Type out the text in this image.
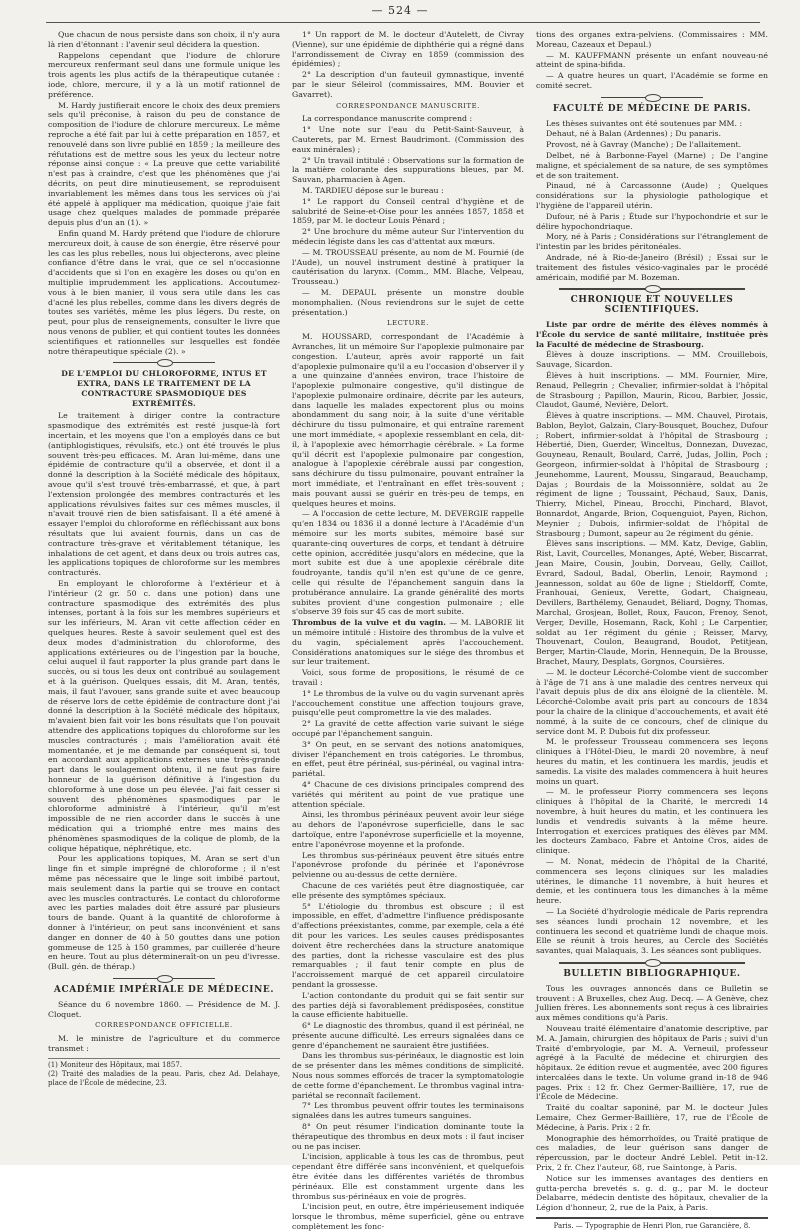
— 524 —

Que chacun de nous persiste dans son choix, il n'y aura là rien d'étonnant : l'avenir seul décidera la question.

Rappelons cependant que l'iodure de chlorure mercureux renfermant seul dans une formule unique les trois agents les plus actifs de la thérapeutique cutanée : iode, chlore, mercure, il y a là un motif rationnel de préférence.

M. Hardy justifierait encore le choix des deux premiers sels qu'il préconise, à raison du peu de constance de composition de l'iodure de chlorure mercureux. Le même reproche a été fait par lui à cette préparation en 1857, et renouvelé dans son livre publié en 1859 ; la meilleure des réfutations est de mettre sous les yeux du lecteur notre réponse ainsi conçue : « La preuve que cette variabilité n'est pas à craindre, c'est que les phénomènes que j'ai décrits, on peut dire minutieusement, se reproduisent invariablement les mêmes dans tous les services où j'ai été appelé à appliquer ma médication, quoique j'aie fait usage chez quelques malades de pommade préparée depuis plus d'un an (1). »

Enfin quand M. Hardy prétend que l'iodure de chlorure mercureux doit, à cause de son énergie, être réservé pour les cas les plus rebelles, nous lui objecterons, avec pleine confiance d'être dans le vrai, que ce sel n'occasionne d'accidents que si l'on en exagère les doses ou qu'on en multiplie imprudemment les applications. Accoutumez-vous à le bien manier, il vous sera utile dans les cas d'acné les plus rebelles, comme dans les divers degrés de toutes ses variétés, même les plus légers. Du reste, on peut, pour plus de renseignements, consulter le livre que nous venons de publier, et qui contient toutes les données scientifiques et rationnelles sur lesquelles est fondée notre thérapeutique spéciale (2). »

DE L'EMPLOI DU CHLOROFORME, INTUS ET EXTRA, DANS LE TRAITEMENT DE LA CONTRACTURE SPASMODIQUE DES EXTRÉMITÉS.

Le traitement à diriger contre la contracture spasmodique des extrémités est resté jusque-là fort incertain, et les moyens que l'on a employés dans ce but (antiphlogistiques, révulsifs, etc.) ont été trouvés le plus souvent très-peu efficaces. M. Aran lui-même, dans une épidémie de contracture qu'il a observée, et dont il a donné la description à la Société médicale des hôpitaux, avoue qu'il s'est trouvé très-embarrassé, et que, à part l'extension prolongée des membres contracturés et les applications révulsives faites sur ces mêmes muscles, il n'avait trouvé rien de bien satisfaisant. Il a été amené à essayer l'emploi du chloroforme en réfléchissant aux bons résultats que lui avaient fournis, dans un cas de contracture très-grave et véritablement tétanique, les inhalations de cet agent, et dans deux ou trois autres cas, les applications topiques de chloroforme sur les membres contracturés.

En employant le chloroforme à l'extérieur et à l'intérieur (2 gr. 50 c. dans une potion) dans une contracture spasmodique des extrémités des plus intenses, portant à la fois sur les membres supérieurs et sur les inférieurs, M. Aran vit cette affection céder en quelques heures. Reste à savoir seulement quel est des deux modes d'administration du chloroforme, des applications extérieures ou de l'ingestion par la bouche, celui auquel il faut rapporter la plus grande part dans le succès, ou si tous les deux ont contribué au soulagement et à la guérison. Quelques essais, dit M. Aran, tentés, mais, il faut l'avouer, sans grande suite et avec beaucoup de réserve lors de cette épidémie de contracture dont j'ai donné la description à la Société médicale des hôpitaux, m'avaient bien fait voir les bons résultats que l'on pouvait attendre des applications topiques du chloroforme sur les muscles contracturés ; mais l'amélioration avait été momentanée, et je me demande par conséquent si, tout en accordant aux applications externes une très-grande part dans le soulagement obtenu, il ne faut pas faire honneur de la guérison définitive à l'ingestion du chloroforme à une dose un peu élevée. J'ai fait cesser si souvent des phénomènes spasmodiques par le chloroforme administré à l'intérieur, qu'il m'est impossible de ne rien accorder dans le succès à une médication qui a triomphé entre mes mains des phénomènes spasmodiques de la colique de plomb, de la colique hépatique, néphrétique, etc.

Pour les applications topiques, M. Aran se sert d'un linge fin et simple imprégné de chloroforme ; il n'est même pas nécessaire que le linge soit imbibé partout, mais seulement dans la partie qui se trouve en contact avec les muscles contracturés. Le contact du chloroforme avec les parties malades doit être assuré par plusieurs tours de bande. Quant à la quantité de chloroforme à donner à l'intérieur, on peut sans inconvénient et sans danger en donner de 40 à 50 gouttes dans une potion gommeuse de 125 à 150 grammes, par cuillerée d'heure en heure. Tout au plus détermineraît-on un peu d'ivresse. (Bull. gén. de thérap.)

ACADÉMIE IMPÉRIALE DE MÉDECINE.

Séance du 6 novembre 1860. — Présidence de M. J. Cloquet.

CORRESPONDANCE OFFICIELLE.

M. le ministre de l'agriculture et du commerce transmet :

(1) Moniteur des Hôpitaux, mai 1857.

(2) Traité des maladies de la peau. Paris, chez Ad. Delahaye, place de l'École de médecine, 23.

1° Un rapport de M. le docteur d'Autelett, de Civray (Vienne), sur une épidémie de diphthérie qui a régné dans l'arrondissement de Civray en 1859 (commission des épidémies) ;

2° La description d'un fauteuil gymnastique, inventé par le sieur Séleirol (commissaires, MM. Bouvier et Gavarret).

CORRESPONDANCE MANUSCRITE.

La correspondance manuscrite comprend :

1° Une note sur l'eau du Petit-Saint-Sauveur, à Cauterets, par M. Ernest Baudrimont. (Commission des eaux minérales) ;

2° Un travail intitulé : Observations sur la formation de la matière colorante des suppurations bleues, par M. Sauvan, pharmacien à Agen.

M. TARDIEU dépose sur le bureau :

1° Le rapport du Conseil central d'hygiène et de salubrité de Seine-et-Oise pour les années 1857, 1858 et 1859, par M. le docteur Louis Pénard ;

2° Une brochure du même auteur Sur l'intervention du médecin légiste dans les cas d'attentat aux mœurs.

— M. TROUSSEAU présente, au nom de M. Fournié (de l'Aude), un nouvel instrument destiné à pratiquer la cautérisation du larynx. (Comm., MM. Blache, Velpeau, Trousseau.)

— M. DEPAUL présente un monstre double monomphalien. (Nous reviendrons sur le sujet de cette présentation.)

LECTURE.

M. HOUSSARD, correspondant de l'Académie à Avranches, lit un mémoire Sur l'apoplexie pulmonaire par congestion. L'auteur, après avoir rapporté un fait d'apoplexie pulmonaire qu'il a eu l'occasion d'observer il y a une quinzaine d'années environ, trace l'histoire de l'apoplexie pulmonaire congestive, qu'il distingue de l'apoplexie pulmonaire ordinaire, décrite par les auteurs, dans laquelle les malades expectorent plus ou moins abondamment du sang noir, à la suite d'une véritable déchirure du tissu pulmonaire, et qui entraîne rarement une mort immédiate, « apoplexie ressemblant en cela, dit-il, à l'apoplexie avec hémorrhagie cérébrale. » La forme qu'il décrit est l'apoplexie pulmonaire par congestion, analogue à l'apoplexie cérébrale aussi par congestion, sans déchirure du tissu pulmonaire, pouvant entraîner la mort immédiate, et l'entraînant en effet très-souvent ; mais pouvant aussi se guérir en très-peu de temps, en quelques heures et moins.

— A l'occasion de cette lecture, M. DEVERGIE rappelle qu'en 1834 ou 1836 il a donné lecture à l'Académie d'un mémoire sur les morts subites, mémoire basé sur quarante-cinq ouvertures de corps, et tendant à détruire cette opinion, accréditée jusqu'alors en médecine, que la mort subite est due à une apoplexie cérébrale dite foudroyante, tandis qu'il n'en est qu'une de ce genre, celle qui résulte de l'épanchement sanguin dans la protubérance annulaire. La grande généralité des morts subites provient d'une congestion pulmonaire ; elle s'observe 39 fois sur 45 cas de mort subite.

Thrombus de la vulve et du vagin. — M. LABORIE lit un mémoire intitulé : Histoire des thrombus de la vulve et du vagin, spécialement après l'accouchement. Considérations anatomiques sur le siége des thrombus et sur leur traitement.

Voici, sous forme de propositions, le résumé de ce travail :

1° Le thrombus de la vulve ou du vagin survenant après l'accouchement constitue une affection toujours grave, puisqu'elle peut compromettre la vie des malades.

2° La gravité de cette affection varie suivant le siége occupé par l'épanchement sanguin.

3° On peut, en se servant des notions anatomiques, diviser l'épanchement en trois catégories. Le thrombus, en effet, peut être périnéal, sus-périnéal, ou vaginal intra-pariétal.

4° Chacune de ces divisions principales comprend des variétés qui méritent au point de vue pratique une attention spéciale.

Ainsi, les thrombus périnéaux peuvent avoir leur siége au dehors de l'aponévrose superficielle, dans le sac dartoïque, entre l'aponévrose superficielle et la moyenne, entre l'aponévrose moyenne et la profonde.

Les thrombus sus-périnéaux peuvent être situés entre l'aponévrose profonde du périnée et l'aponévrose pelvienne ou au-dessus de cette dernière.

Chacune de ces variétés peut être diagnostiquée, car elle présente des symptômes spéciaux.

5° L'étiologie du thrombus est obscure ; il est impossible, en effet, d'admettre l'influence prédisposante d'affections préexistantes, comme, par exemple, cela a été dit pour les varices. Les seules causes prédisposantes doivent être recherchées dans la structure anatomique des parties, dont la richesse vasculaire est des plus remarquables ; il faut tenir compte en plus de l'accroissement marqué de cet appareil circulatoire pendant la grossesse.

L'action contondante du produit qui se fait sentir sur des parties déjà si favorablement prédisposées, constitue la cause efficiente habituelle.

6° Le diagnostic des thrombus, quand il est périnéal, ne présente aucune difficulté. Les erreurs signalées dans ce genre d'épanchement ne sauraient être justifiées.

Dans les thrombus sus-périnéaux, le diagnostic est loin de se présenter dans les mêmes conditions de simplicité. Nous nous sommes efforcés de tracer la symptomatologie de cette forme d'épanchement. Le thrombus vaginal intra-pariétal se reconnaît facilement.

7° Les thrombus peuvent offrir toutes les terminaisons signalées dans les autres tumeurs sanguines.

8° On peut résumer l'indication dominante toute la thérapeutique des thrombus en deux mots : il faut inciser ou ne pas inciser.

L'incision, applicable à tous les cas de thrombus, peut cependant être différée sans inconvénient, et quelquefois être évitée dans les différentes variétés de thrombus périnéaux. Elle est constamment urgente dans les thrombus sus-périnéaux en voie de progrès.

L'incision peut, en outre, être impérieusement indiquée lorsque le thrombus, même superficiel, gêne ou entrave complètement les fonc-

tions des organes extra-pelviens. (Commissaires : MM. Moreau, Cazeaux et Depaul.)

— M. KAUFFMANN présente un enfant nouveau-né atteint de spina-bifida.

— A quatre heures un quart, l'Académie se forme en comité secret.

FACULTÉ DE MÉDECINE DE PARIS.

Les thèses suivantes ont été soutenues par MM. :

Dehaut, né à Balan (Ardennes) ; Du panaris.

Provost, né à Gavray (Manche) ; De l'allaitement.

Delbet, né à Barbonne-Fayel (Marne) ; De l'angine maligne, et spécialement de sa nature, de ses symptômes et de son traitement.

Pinaud, né à Carcassonne (Aude) ; Quelques considérations sur la physiologie pathologique et l'hygiène de l'appareil utérin.

Dufour, né à Paris ; Étude sur l'hypochondrie et sur le délire hypochondriaque.

Mory, né à Paris ; Considérations sur l'étranglement de l'intestin par les brides péritonéales.

Andrade, né à Rio-de-Janeiro (Brésil) ; Essai sur le traitement des fistules vésico-vaginales par le procédé américain, modifié par M. Bozeman.

CHRONIQUE ET NOUVELLES SCIENTIFIQUES.

Liste par ordre de mérite des élèves nommés à l'École du service de santé militaire, instituée près la Faculté de médecine de Strasbourg.

Élèves à douze inscriptions. — MM. Crouillebois, Sauvage, Sicardon.

Élèves à huit inscriptions. — MM. Fournier, Mire, Renaud, Pellegrin ; Chevalier, infirmier-soldat à l'hôpital de Strasbourg ; Papillon, Maurin, Ricou, Barbier, Jossic, Claudot, Gaumé, Nevière, Delort.

Élèves à quatre inscriptions. — MM. Chauvel, Pirotais, Bablon, Beylot, Galzain, Clary-Bousquet, Bouchez, Dufour ; Robert, infirmier-soldat à l'hôpital de Strasbourg ; Hébertié, Dien, Guerder, Winceltus, Donnezan, Duvezac, Gouyneau, Renault, Boulard, Carré, Judas, Jollin, Poch ; Georgeon, infirmier-soldat à l'hôpital de Strasbourg ; Jeunehomme, Laurent, Moussu, Singaraud, Beauchamp, Dajas ; Bourdais de la Moissonnière, soldat au 2e régiment de ligne ; Toussaint, Péchaud, Saux, Danis, Thierry, Michel, Pineau, Brocchi, Pinchard, Blavot, Bonnardot, Angarde, Brion, Coquenguiot, Payen, Richon, Meynier ; Dubois, infirmier-soldat de l'hôpital de Strasbourg ; Dumont, sapeur au 2e régiment du génie.

Élèves sans inscriptions. — MM. Katz, Devige, Gablin, Rist, Lavit, Courcelles, Monanges, Apté, Weber, Biscarrat, Jean Maire, Cousin, Joubin, Dorveau, Gelly, Caillot, Evrard, Sadoul, Badal, Oberlin, Lenoir, Raymond ; Jeannesson, soldat au 60e de ligne ; Stieldorff, Comte, Franhouai, Genieux, Verette, Godart, Chaigneau, Devillers, Barthélemy, Genaudet, Béliard, Dogny, Thomas, Marchal, Grosjean, Bollet, Roux, Faucon, Frenoy, Senot, Verger, Deville, Hosemann, Rack, Kohl ; Le Carpentier, soldat au 1er régiment du génie ; Reisser, Marvy, Thouvenart, Coulon, Beaugrand, Boudot, Petitjean, Berger, Martin-Claude, Morin, Hennequin, De la Brousse, Brachet, Maury, Desplats, Gorgnos, Coursières.

— M. le docteur Lécorché-Colombe vient de succomber à l'âge de 71 ans à une maladie des centres nerveux qui l'avait depuis plus de dix ans éloigné de la clientèle. M. Lécorché-Colombe avait pris part au concours de 1834 pour la chaire de la clinique d'accouchements, et avait été nommé, à la suite de ce concours, chef de clinique du service dont M. P. Dubois fut dix professeur.

M. le professeur Trousseau commencera ses leçons cliniques à l'Hôtel-Dieu, le mardi 20 novembre, à neuf heures du matin, et les continuera les mardis, jeudis et samedis. La visite des malades commencera à huit heures moins un quart.

— M. le professeur Piorry commencera ses leçons cliniques à l'hôpital de la Charité, le mercredi 14 novembre, à huit heures du matin, et les continuera les lundis et vendredis suivants à la même heure. Interrogation et exercices pratiques des élèves par MM. les docteurs Zambaco, Fabre et Antoine Cros, aides de clinique.

— M. Nonat, médecin de l'hôpital de la Charité, commencera ses leçons cliniques sur les maladies utérines, le dimanche 11 novembre, à huit heures et demie, et les continuera tous les dimanches à la même heure.

— La Société d'hydrologie médicale de Paris reprendra ses séances lundi prochain 12 novembre, et les continuera les second et quatrième lundi de chaque mois. Elle se réunit à trois heures, au Cercle des Sociétés savantes, quai Malaquais, 3. Les séances sont publiques.

BULLETIN BIBLIOGRAPHIQUE.

Tous les ouvrages annoncés dans ce Bulletin se trouvent : A Bruxelles, chez Aug. Decq. — A Genève, chez Jullien frères. Les abonnements sont reçus à ces librairies aux mêmes conditions qu'à Paris.

Nouveau traité élémentaire d'anatomie descriptive, par M. A. Jamain, chirurgien des hôpitaux de Paris ; suivi d'un Traité d'embryologie, par M. A. Verneuil, professeur agrégé à la Faculté de médecine et chirurgien des hôpitaux. 2e édition revue et augmentée, avec 200 figures intercalées dans le texte. Un volume grand in-18 de 946 pages. Prix : 12 fr. Chez Germer-Baillière, 17, rue de l'École de Médecine.

Traité du coaltar saponiné, par M. le docteur Jules Lemaire, Chez Germer-Baillière, 17, rue de l'École de Médecine, à Paris. Prix : 2 fr.

Monographie des hémorrhoïdes, ou Traité pratique de ces maladies, de leur guérison sans danger de répercussion, par le docteur André Leblel. Petit in-12. Prix, 2 fr. Chez l'auteur, 68, rue Saintonge, à Paris.

Notice sur les immenses avantages des dentiers en gutta-percha brevetés s. g. d. g., par M. le docteur Delabarre, médecin dentiste des hôpitaux, chevalier de la Légion d'honneur, 2, rue de la Paix, à Paris.

Paris. — Typographie de Henri Plon, rue Garancière, 8.
